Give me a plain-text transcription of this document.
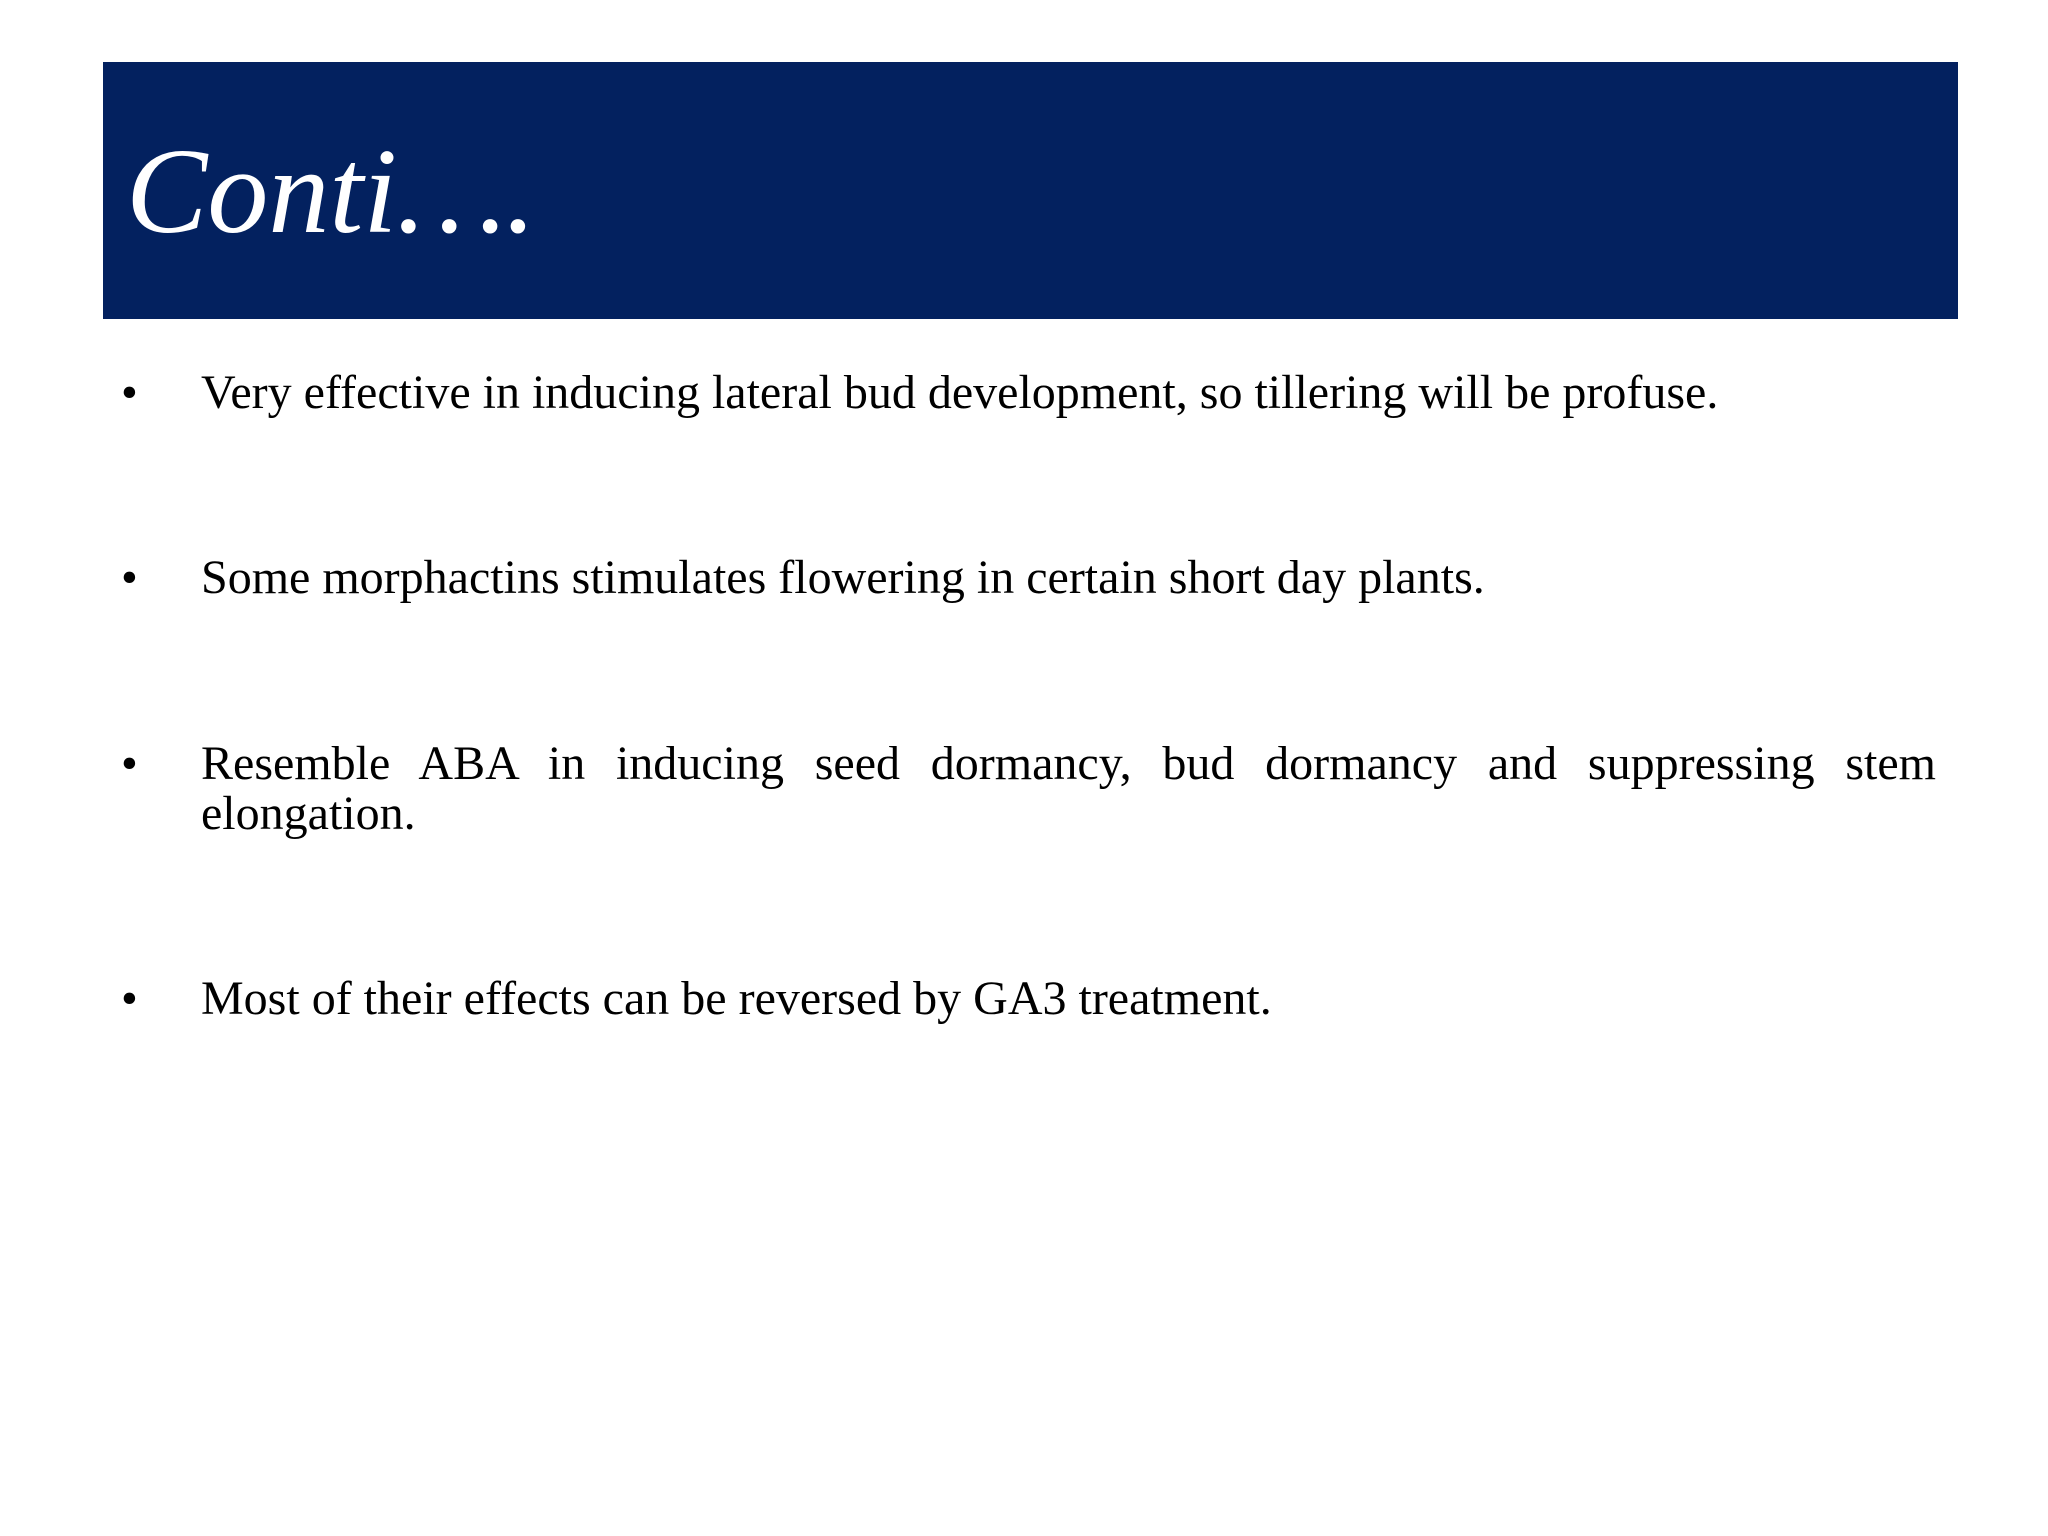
Conti….
• Very effective in inducing lateral bud development, so tillering will be profuse.
• Some morphactins stimulates flowering in certain short day plants.
• Resemble ABA in inducing seed dormancy, bud dormancy and suppressing stem elongation.
• Most of their effects can be reversed by GA3 treatment.
